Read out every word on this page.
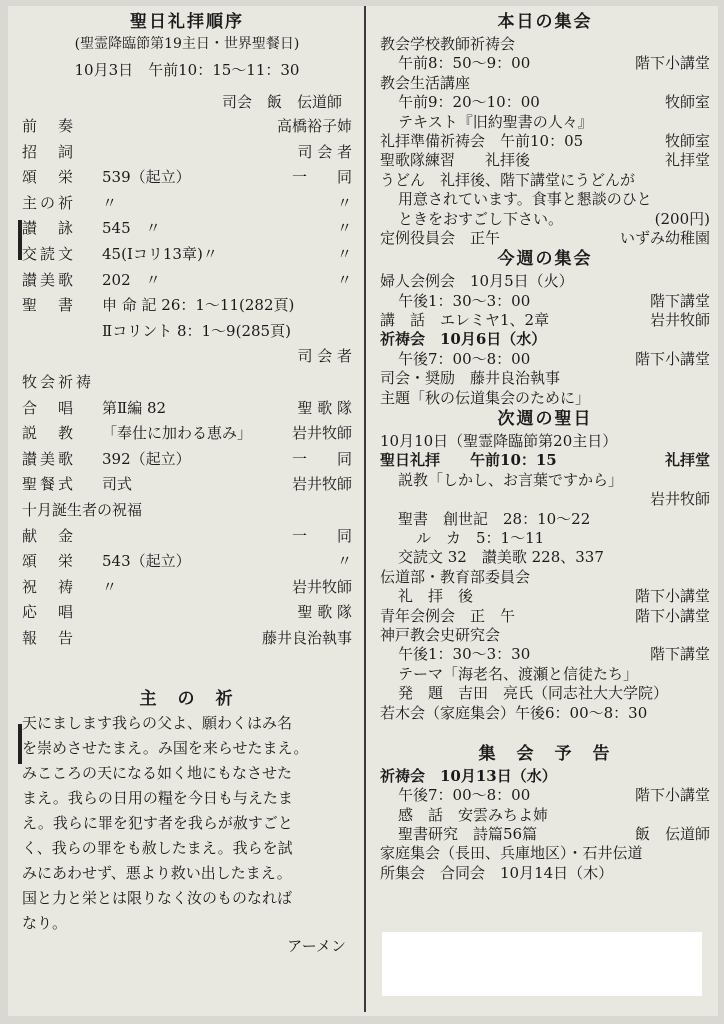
聖日礼拝順序
(聖霊降臨節第19主日・世界聖餐日)
10月3日　午前10：15〜11：30
司会　飯　伝道師
前　奏	高橋裕子姉
招　詞	司 会 者
頌　栄	539（起立）	一　　同
主の祈	〃	〃
讃　詠	545　〃	〃
交読文	45(Ⅰコリ13章)〃	〃
讃美歌	202　〃	〃
聖　書	申 命 記 26：1〜11(282頁)
Ⅱコリント 8：1〜9(285頁)
司 会 者
牧会祈祷
合　唱	第Ⅱ編 82	聖 歌 隊
説　教	「奉仕に加わる恵み」	岩井牧師
讃美歌	392（起立）	一　　同
聖餐式	司式	岩井牧師
十月誕生者の祝福
献　金	一　　同
頌　栄	543（起立）	〃
祝　祷	〃	岩井牧師
応　唱	聖 歌 隊
報　告	藤井良治執事
主　の　祈
天にまします我らの父よ、願わくはみ名
を崇めさせたまえ。み国を来らせたまえ。
みこころの天になる如く地にもなさせた
まえ。我らの日用の糧を今日も与えたま
え。我らに罪を犯す者を我らが赦すごと
く、我らの罪をも赦したまえ。我らを試
みにあわせず、悪より救い出したまえ。
国と力と栄とは限りなく汝のものなれば
なり。
アーメン
本日の集会
教会学校教師祈祷会
午前8：50〜9：00	階下小講堂
教会生活講座
午前9：20〜10：00	牧師室
テキスト『旧約聖書の人々』
礼拝準備祈祷会　午前10：05	牧師室
聖歌隊練習　　礼拝後	礼拝堂
うどん　礼拝後、階下講堂にうどんが
用意されています。食事と懇談のひと
ときをおすごし下さい。	(200円)
定例役員会　正午	いずみ幼稚園
今週の集会
婦人会例会　10月5日（火）
午後1：30〜3：00	階下講堂
講　話　エレミヤ1、2章	岩井牧師
祈祷会　10月6日（水）
午後7：00〜8：00	階下小講堂
司会・奨励　藤井良治執事
主題「秋の伝道集会のために」
次週の聖日
10月10日（聖霊降臨節第20主日）
聖日礼拝　　午前10：15	礼拝堂
説教「しかし、お言葉ですから」
岩井牧師
聖書　創世記　28：10〜22
ル　カ　5：1〜11
交読文 32　讃美歌 228、337
伝道部・教育部委員会
礼　拝　後	階下小講堂
青年会例会　正　午	階下小講堂
神戸教会史研究会
午後1：30〜3：30	階下講堂
テーマ「海老名、渡瀬と信徒たち」
発　題　吉田　亮氏（同志社大大学院）
若木会（家庭集会）午後6：00〜8：30
集　会　予　告
祈祷会　10月13日（水）
午後7：00〜8：00	階下小講堂
感　話　安雲みちよ姉
聖書研究　詩篇56篇	飯　伝道師
家庭集会（長田、兵庫地区）・石井伝道
所集会　合同会　10月14日（木）
